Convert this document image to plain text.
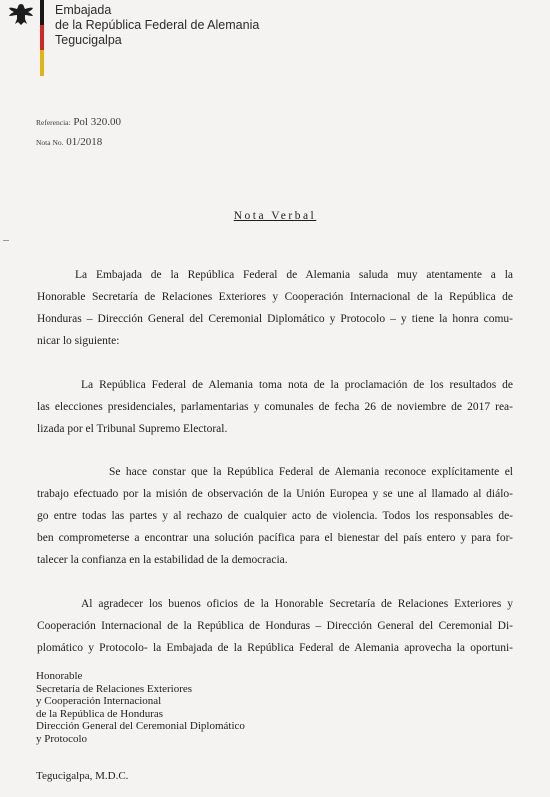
Embajada
de la República Federal de Alemania
Tegucigalpa
Referencia: Pol 320.00
Nota No. 01/2018
Nota Verbal
La Embajada de la República Federal de Alemania saluda muy atentamente a la
Honorable Secretaría de Relaciones Exteriores y Cooperación Internacional de la República de
Honduras – Dirección General del Ceremonial Diplomático y Protocolo – y tiene la honra comu-
nicar lo siguiente:
La República Federal de Alemania toma nota de la proclamación de los resultados de
las elecciones presidenciales, parlamentarias y comunales de fecha 26 de noviembre de 2017 rea-
lizada por el Tribunal Supremo Electoral.
Se hace constar que la República Federal de Alemania reconoce explícitamente el
trabajo efectuado por la misión de observación de la Unión Europea y se une al llamado al diálo-
go entre todas las partes y al rechazo de cualquier acto de violencia. Todos los responsables de-
ben comprometerse a encontrar una solución pacífica para el bienestar del país entero y para for-
talecer la confianza en la estabilidad de la democracia.
Al agradecer los buenos oficios de la Honorable Secretaría de Relaciones Exteriores y
Cooperación Internacional de la República de Honduras – Dirección General del Ceremonial Di-
plomático y Protocolo- la Embajada de la República Federal de Alemania aprovecha la oportuni-
Honorable
Secretaría de Relaciones Exteriores
y Cooperación Internacional
de la República de Honduras
Dirección General del Ceremonial Diplomático
y Protocolo
Tegucigalpa, M.D.C.
